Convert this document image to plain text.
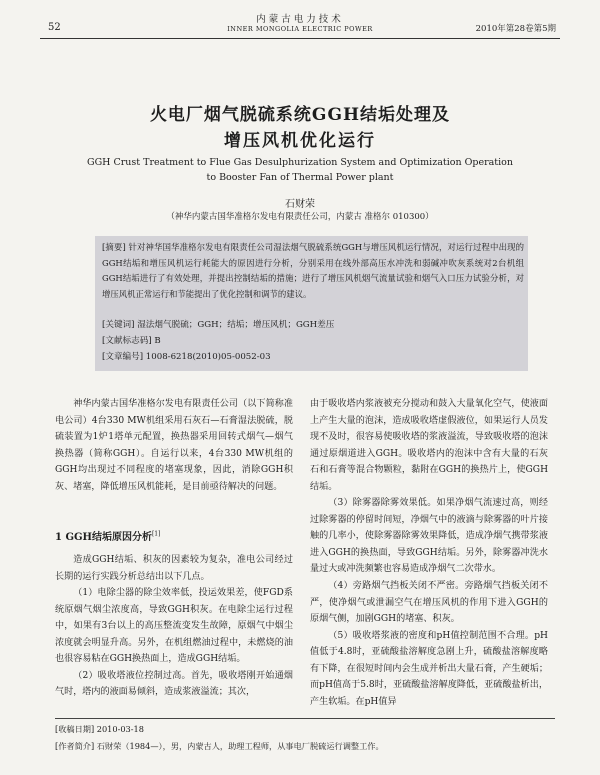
52
内蒙古电力技术
INNER MONGOLIA ELECTRIC POWER	2010年第28卷第5期
火电厂烟气脱硫系统GGH结垢处理及
增压风机优化运行
GGH Crust Treatment to Flue Gas Desulphurization System and Optimization Operation
to Booster Fan of Thermal Power plant
石财荣
（神华内蒙古国华准格尔发电有限责任公司，内蒙古 准格尔 010300）
[摘要] 针对神华国华准格尔发电有限责任公司湿法烟气脱硫系统GGH与增压风机运行情况，对运行过程中出现的GGH结垢和增压风机运行耗能大的原因进行分析，分别采用在线外部高压水冲洗和弱碱冲吹灰系统对2台机组GGH结垢进行了有效处理，并提出控制结垢的措施；进行了增压风机烟气流量试验和烟气入口压力试验分析，对增压风机正常运行和节能提出了优化控制和调节的建议。
[关键词] 湿法烟气脱硫；GGH；结垢；增压风机；GGH差压
[文献标志码] B
[文章编号] 1008-6218(2010)05-0052-03

神华内蒙古国华准格尔发电有限责任公司（以下简称准电公司）4台330 MW机组采用石灰石—石膏湿法脱硫，脱硫装置为1炉1塔单元配置，换热器采用回转式烟气—烟气换热器（简称GGH）。自运行以来，4台330 MW机组的GGH均出现过不同程度的堵塞现象，因此，消除GGH积灰、堵塞，降低增压风机能耗，是目前亟待解决的问题。

1 GGH结垢原因分析[1]

造成GGH结垢、积灰的因素较为复杂，准电公司经过长期的运行实践分析总结出以下几点。

（1）电除尘器的除尘效率低，投运效果差，使FGD系统原烟气烟尘浓度高，导致GGH积灰。在电除尘运行过程中，如果有3台以上的高压整流变发生故障，原烟气中烟尘浓度就会明显升高。另外，在机组燃油过程中，未燃烧的油也很容易粘在GGH换热面上，造成GGH结垢。

（2）吸收塔液位控制过高。首先，吸收塔刚开始通烟气时，塔内的液面易倾斜，造成浆液溢流；其次，

由于吸收塔内浆液被充分搅动和鼓入大量氧化空气，使液面上产生大量的泡沫，造成吸收塔虚假液位，如果运行人员发现不及时，很容易使吸收塔的浆液溢流，导致吸收塔的泡沫通过原烟道进入GGH。吸收塔内的泡沫中含有大量的石灰石和石膏等混合物颗粒，黏附在GGH的换热片上，使GGH结垢。

（3）除雾器除雾效果低。如果净烟气流速过高，则经过除雾器的停留时间短，净烟气中的液滴与除雾器的叶片接触的几率小，使除雾器除雾效果降低，造成净烟气携带浆液进入GGH的换热面，导致GGH结垢。另外，除雾器冲洗水量过大或冲洗频繁也容易造成净烟气二次带水。

（4）旁路烟气挡板关闭不严密。旁路烟气挡板关闭不严，使净烟气或泄漏空气在增压风机的作用下进入GGH的原烟气侧，加剧GGH的堵塞、积灰。

（5）吸收塔浆液的密度和pH值控制范围不合理。pH值低于4.8时，亚硫酸盐溶解度急剧上升，硫酸盐溶解度略有下降，在很短时间内会生成并析出大量石膏，产生硬垢；而pH值高于5.8时，亚硫酸盐溶解度降低，亚硫酸盐析出，产生软垢。在pH值异

[收稿日期] 2010-03-18
[作者简介] 石财荣（1984—），男，内蒙古人，助理工程师，从事电厂脱硫运行调整工作。
